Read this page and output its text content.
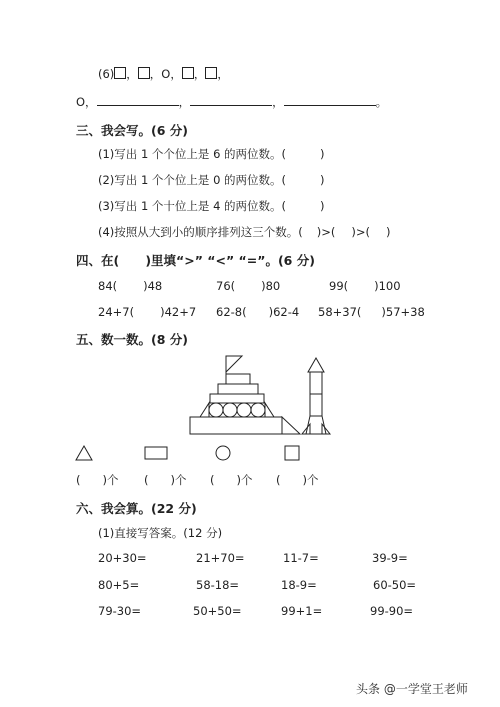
(6) ， ，O， ， ，
O，	，	，	。
三、我会写。(6 分)
(1)写出 1 个个位上是 6 的两位数。(	)
(2)写出 1 个个位上是 0 的两位数。(	)
(3)写出 1 个十位上是 4 的两位数。(	)
(4)按照从大到小的顺序排列这三个数。( )>( )>( )
四、在(      )里填“>” “<” “=”。(6 分)
84( )48	76( )80	99( )100
24+7( )42+7 62-8( )62-4 58+37( )57+38
五、数一数。(8 分)
( )个 ( )个 ( )个 ( )个
六、我会算。(22 分)
(1)直接写答案。(12 分)
20+30=	21+70=	11-7=	39-9=
80+5=	58-18=	18-9=	60-50=
79-30=	50+50=	99+1=	99-90=
头条 @一学堂王老师
